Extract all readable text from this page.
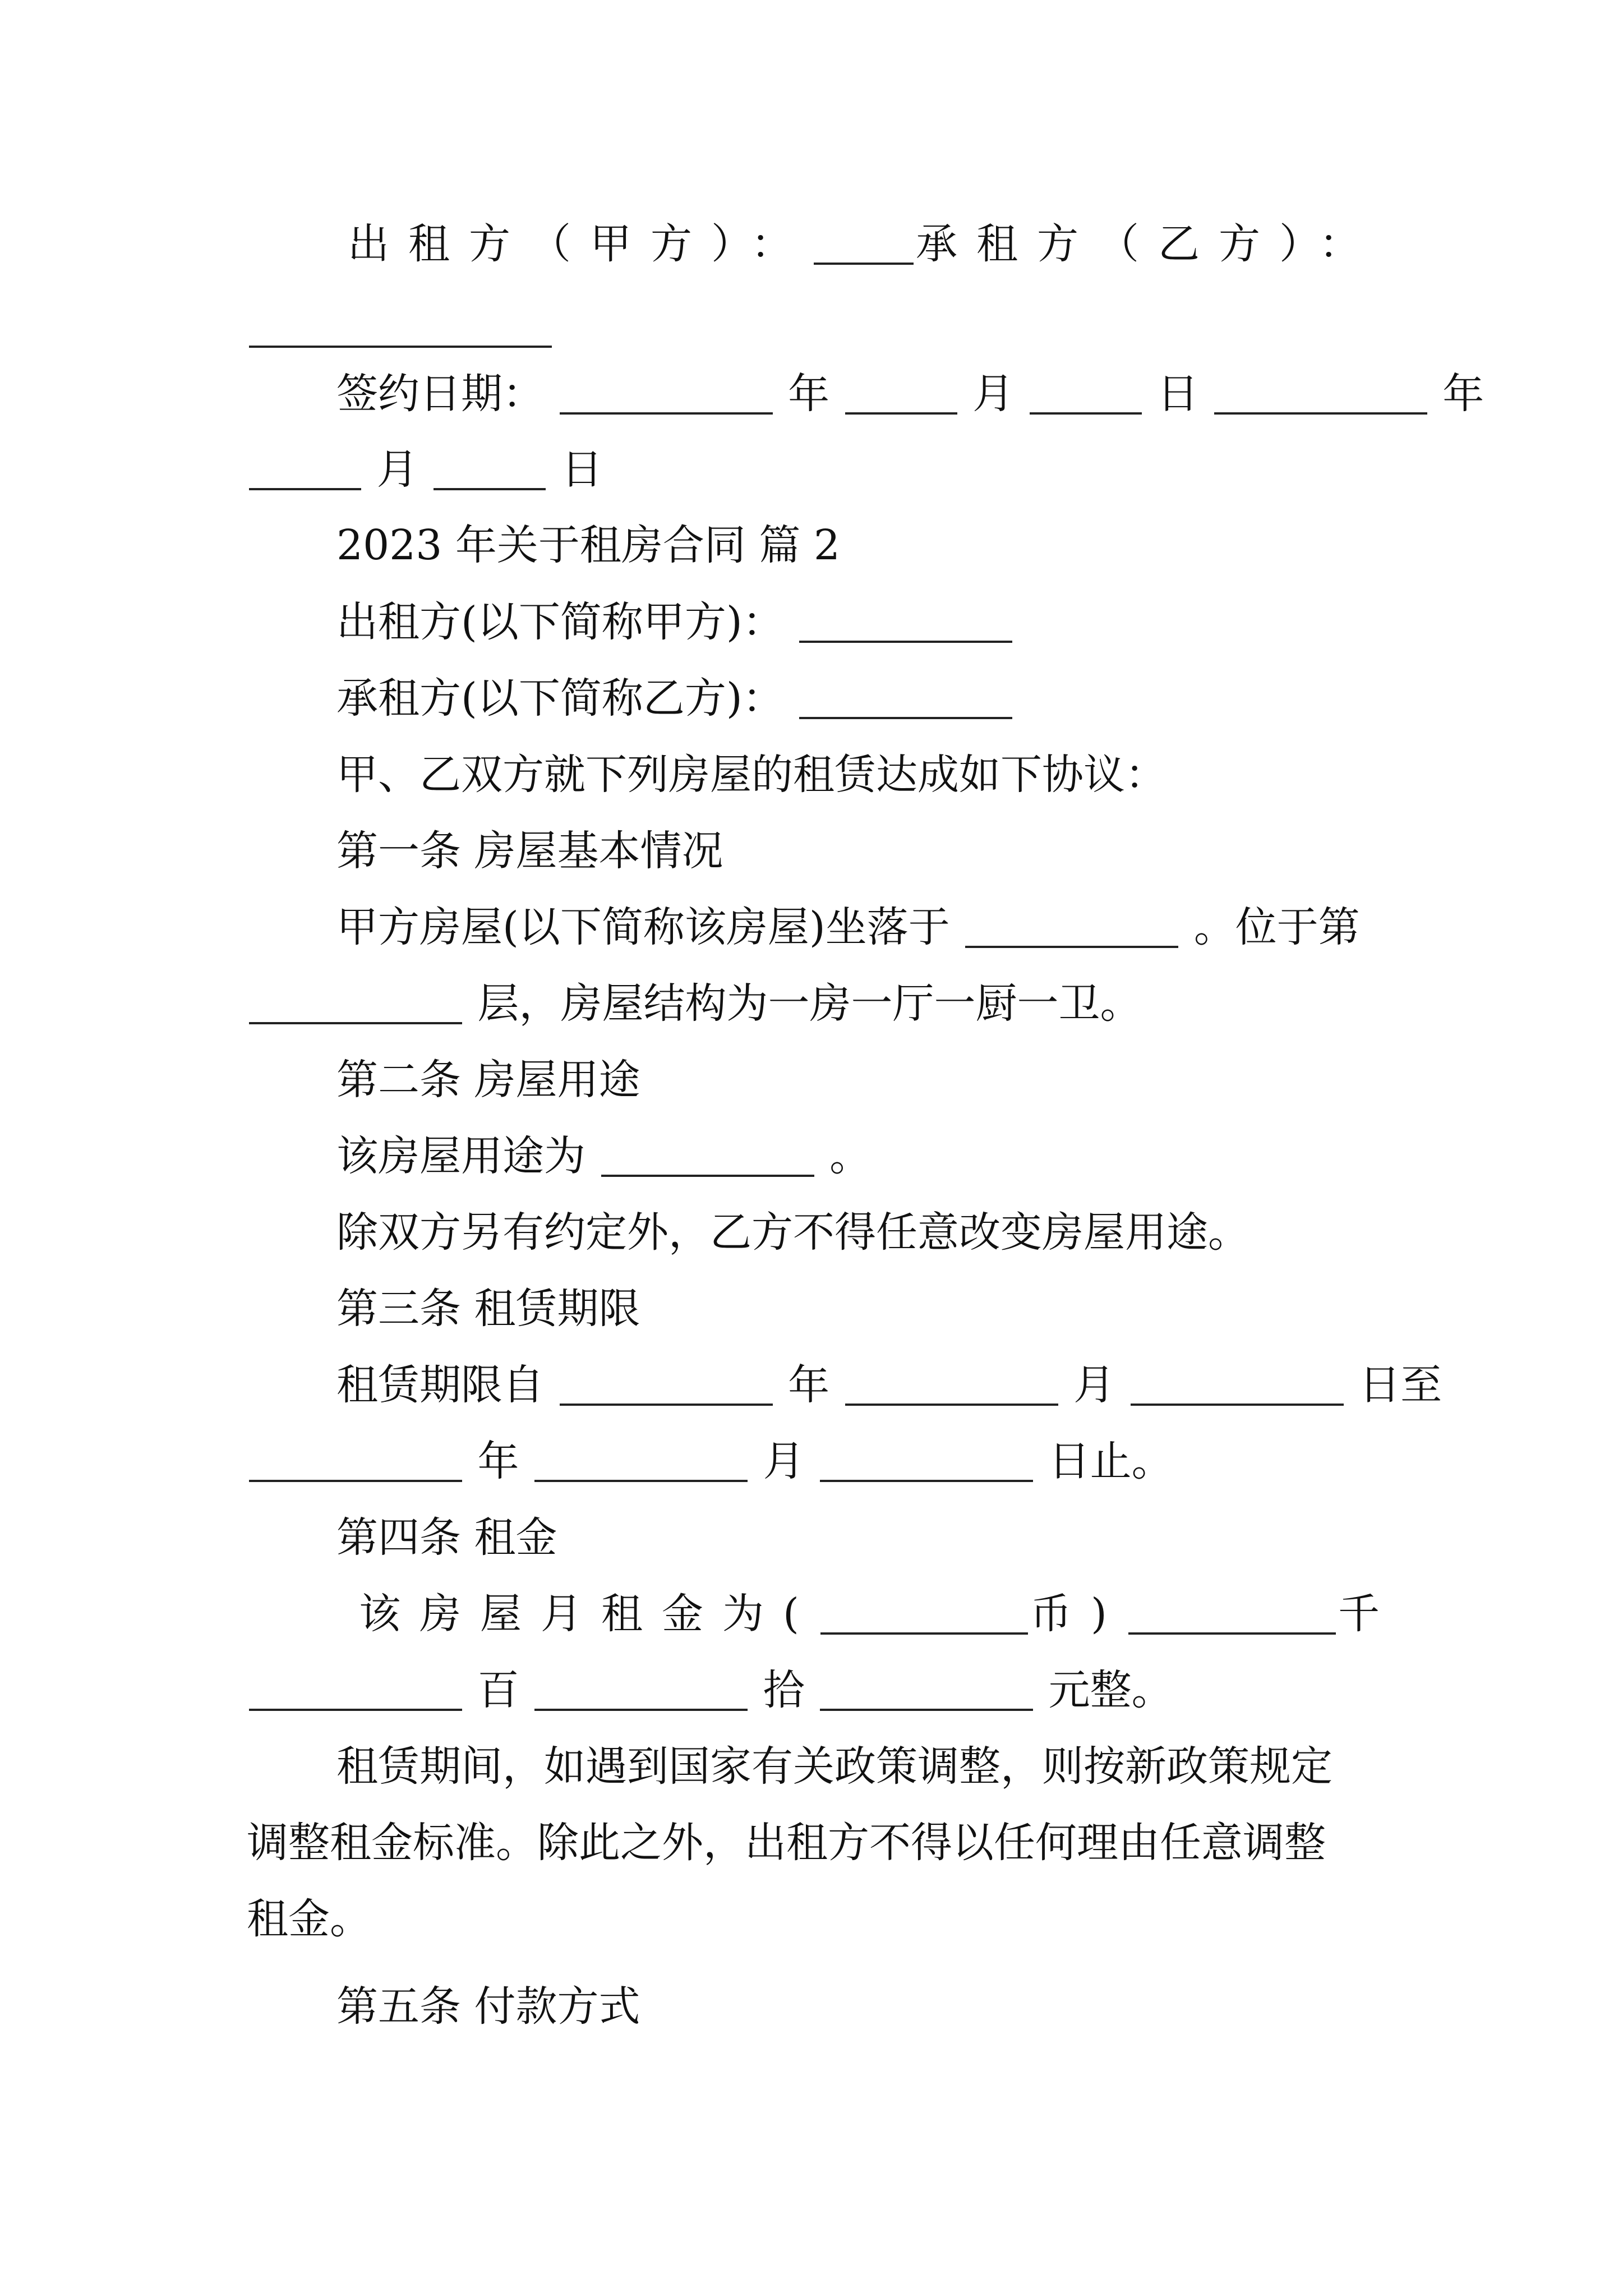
出租方（甲方）：	承租方（乙方）：
签约日期：	年	月	日	年
月	日
2023 年关于租房合同 篇 2
出租方(以下简称甲方)：
承租方(以下简称乙方)：
甲、乙双方就下列房屋的租赁达成如下协议：
第一条 房屋基本情况
甲方房屋(以下简称该房屋)坐落于	。位于第
层，房屋结构为一房一厅一厨一卫。
第二条 房屋用途
该房屋用途为	。
除双方另有约定外，乙方不得任意改变房屋用途。
第三条 租赁期限
租赁期限自	年	月	日至
年	月	日止。
第四条 租金
该房屋月租金为(	币)	千
百	拾	元整。
租赁期间，如遇到国家有关政策调整，则按新政策规定
调整租金标准。除此之外，出租方不得以任何理由任意调整
租金。
第五条 付款方式
